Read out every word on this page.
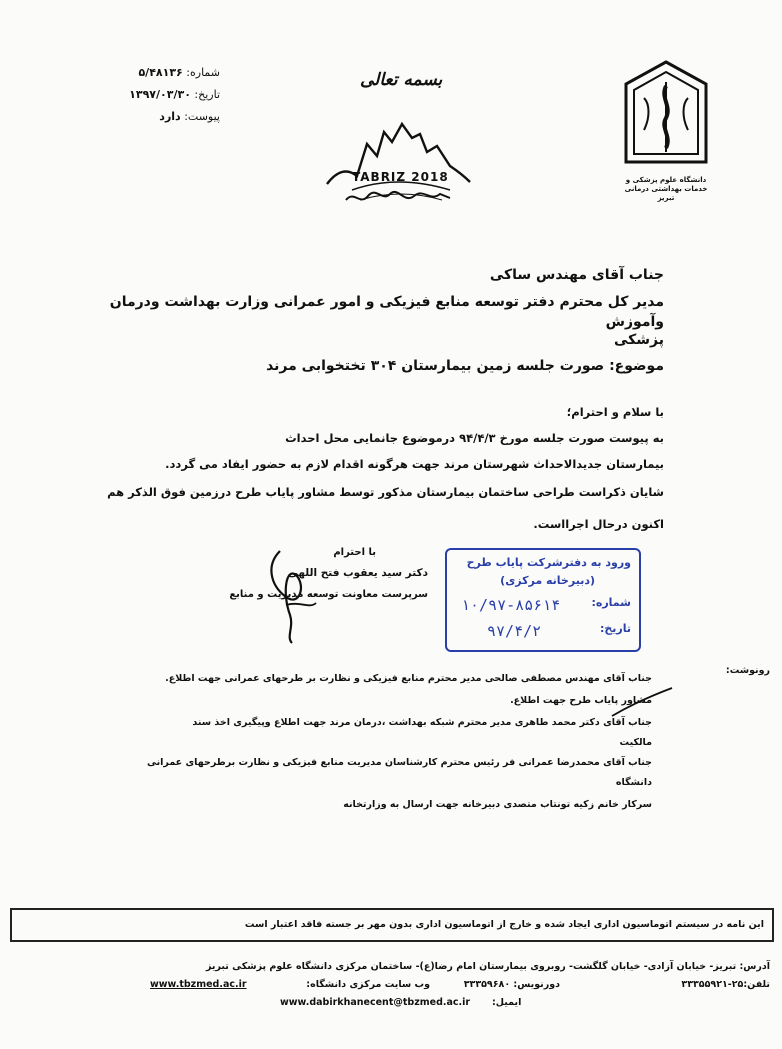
شماره: ۵/۴۸۱۳۶
تاریخ: ۱۳۹۷/۰۳/۳۰
پیوست: دارد
بسمه تعالی
TABRIZ 2018	دانشگاه علوم پزشکی و خدمات بهداشتی درمانی تبریز
جناب آقای مهندس ساکی
مدیر کل محترم دفتر توسعه منابع فیزیکی و امور عمرانی وزارت بهداشت ودرمان وآموزش
پزشکی
موضوع: صورت جلسه زمین بیمارستان ۳۰۴ تختخوابی مرند
با سلام و احترام؛
به پیوست صورت جلسه مورخ ۹۴/۴/۳ درموضوع جانمایی محل احداث
بیمارستان جدیدالاحداث شهرستان مرند جهت هرگونه اقدام لازم به حضور ایفاد می گردد.
شایان ذکراست طراحی ساختمان بیمارستان مذکور توسط مشاور پایاب طرح درزمین فوق الذکر هم
اکنون درحال اجرااست.
با احترام
دکتر سید یعقوب فتح اللهی
سرپرست معاونت توسعه مدیریت و منابع
ورود به دفترشرکت پایاب طرح
(دبیرخانه مرکزی)
شماره:
۱۰/۹۷-۸۵۶۱۴
تاریخ:
۹۷/۴/۲
رونوشت:
جناب آقای مهندس مصطفی صالحی مدیر محترم منابع فیزیکی و نظارت بر طرحهای عمرانی جهت اطلاع.
مشاور پایاب طرح جهت اطلاع.
جناب آقای دکتر محمد طاهری مدیر محترم شبکه بهداشت ،درمان مرند جهت اطلاع وپیگیری اخذ سند
مالکیت
جناب آقای محمدرضا عمرانی فر رئیس محترم کارشناسان مدیریت منابع فیزیکی و نظارت برطرحهای عمرانی
دانشگاه
سرکار خانم زکیه تونتاب متصدی دبیرخانه جهت ارسال به وزارتخانه
این نامه در سیستم اتوماسیون اداری ایجاد شده و خارج از اتوماسیون اداری بدون مهر بر جسته فاقد اعتبار است
آدرس: تبریز- خیابان آزادی- خیابان گلگشت- روبروی بیمارستان امام رضا(ع)- ساختمان مرکزی دانشگاه علوم پزشکی تبریز
تلفن:۲۵-۳۳۳۵۵۹۲۱
دورنویس: ۳۳۳۵۹۶۸۰
وب سایت مرکزی دانشگاه:
www.tbzmed.ac.ir
www.dabirkhanecent@tbzmed.ac.ir ایمیل:
